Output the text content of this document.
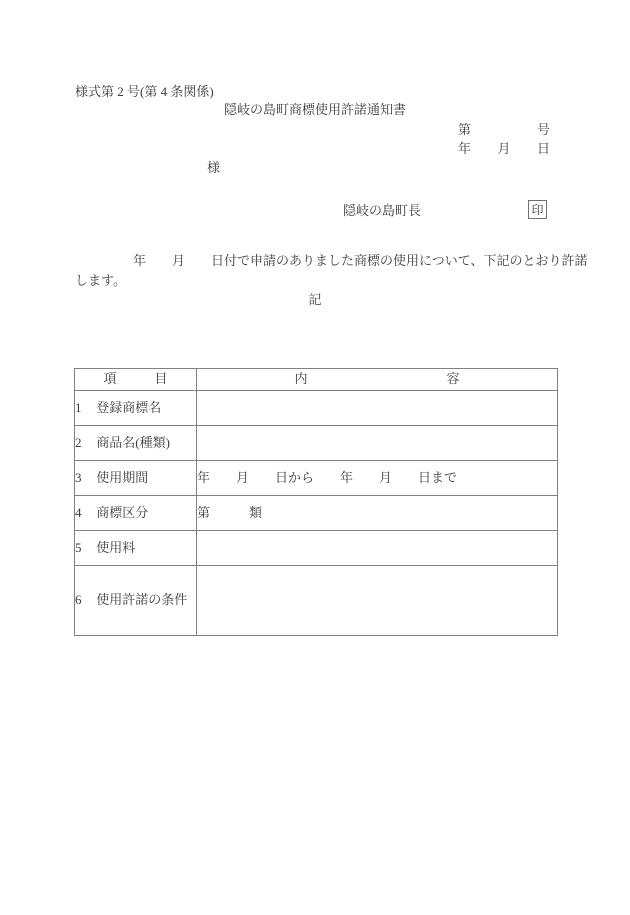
様式第 2 号(第 4 条関係)
隠岐の島町商標使用許諾通知書
第	号
年 月 日
様
隠岐の島町長	印
年　　月　　日付で申請のありました商標の使用について、下記のとおり許諾
します。
記
項 目	内 容

1 登録商標名	
2 商品名(種類)	
3 使用期間	年　　月　　日から　　年　　月　　日まで
4 商標区分	第　　　類
5 使用料	
6 使用許諾の条件	
